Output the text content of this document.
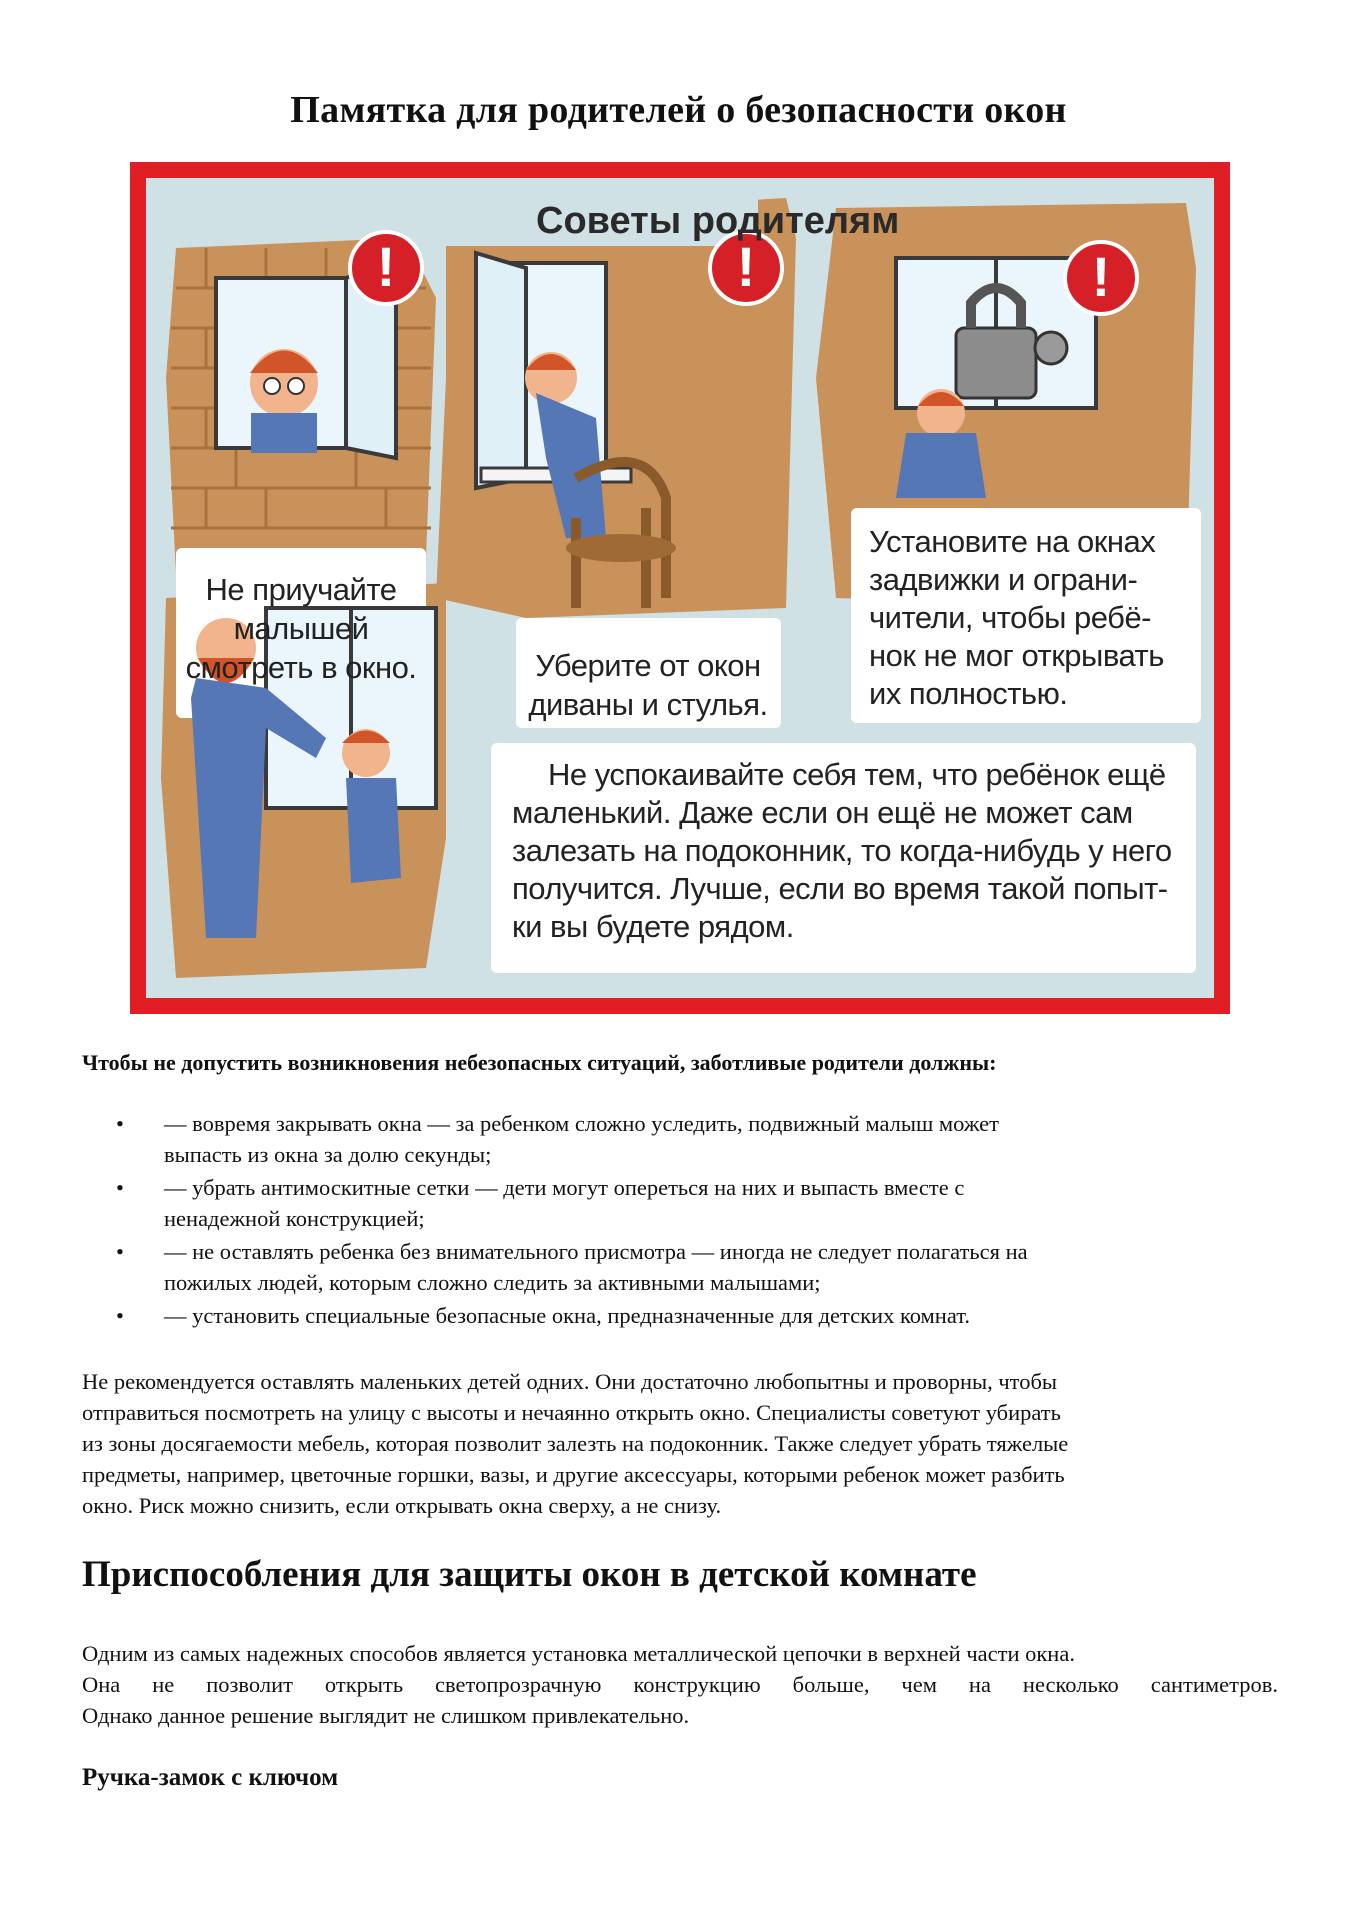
Памятка для родителей о безопасности окон
!	!	!
Советы родителям
Не приучайте
малышей
смотреть в окно.	Уберите от окон
диваны и стулья.
Установите на окнах
задвижки и ограни-
чители, чтобы ребё-
нок не мог открывать
их полностью.
Не успокаивайте себя тем, что ребёнок ещё
маленький. Даже если он ещё не может сам
залезать на подоконник, то когда-нибудь у него
получится. Лучше, если во время такой попыт-
ки вы будете рядом.
Чтобы не допустить возникновения небезопасных ситуаций, заботливые родители должны:
• — вовремя закрывать окна — за ребенком сложно уследить, подвижный малыш может
выпасть из окна за долю секунды;
• — убрать антимоскитные сетки — дети могут опереться на них и выпасть вместе с
ненадежной конструкцией;
• — не оставлять ребенка без внимательного присмотра — иногда не следует полагаться на
пожилых людей, которым сложно следить за активными малышами;
• — установить специальные безопасные окна, предназначенные для детских комнат.
Не рекомендуется оставлять маленьких детей одних. Они достаточно любопытны и проворны, чтобы
отправиться посмотреть на улицу с высоты и нечаянно открыть окно. Специалисты советуют убирать
из зоны досягаемости мебель, которая позволит залезть на подоконник. Также следует убрать тяжелые
предметы, например, цветочные горшки, вазы, и другие аксессуары, которыми ребенок может разбить
окно. Риск можно снизить, если открывать окна сверху, а не снизу.
Приспособления для защиты окон в детской комнате
Одним из самых надежных способов является установка металлической цепочки в верхней части окна.
Она не позволит открыть светопрозрачную конструкцию больше, чем на несколько сантиметров.
Однако данное решение выглядит не слишком привлекательно.
Ручка-замок с ключом
